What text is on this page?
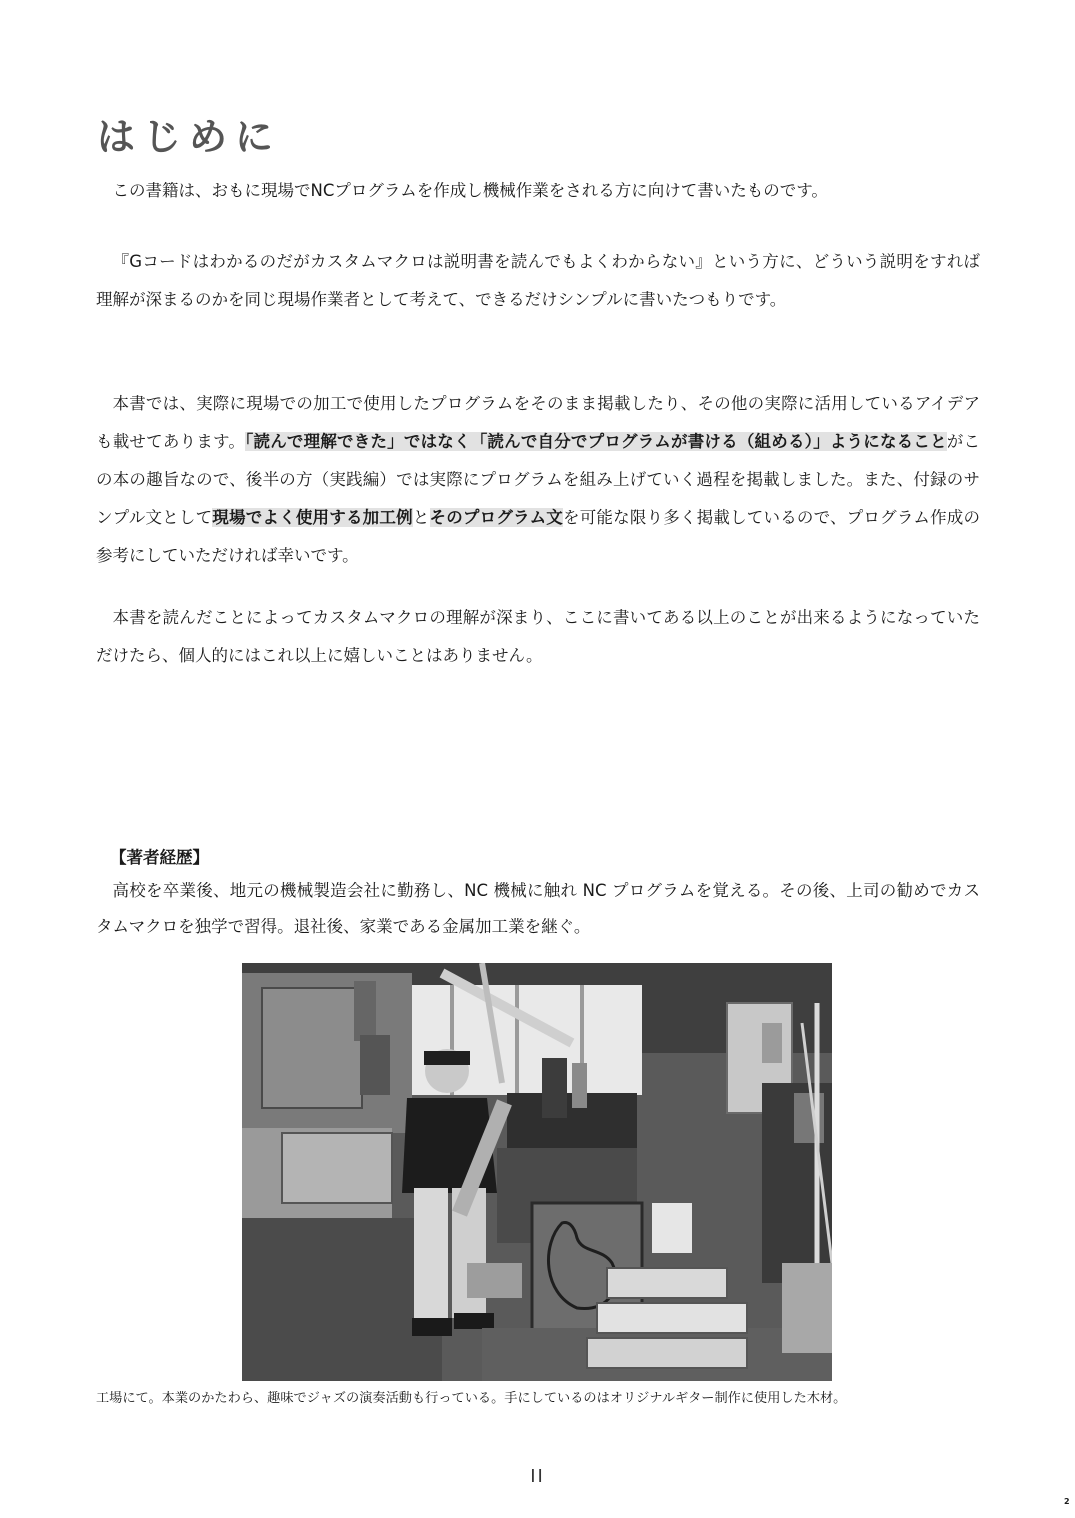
はじめに

この書籍は、おもに現場でNCプログラムを作成し機械作業をされる方に向けて書いたものです。

『Gコードはわかるのだがカスタムマクロは説明書を読んでもよくわからない』という方に、どういう説明をすれば理解が深まるのかを同じ現場作業者として考えて、できるだけシンプルに書いたつもりです。

本書では、実際に現場での加工で使用したプログラムをそのまま掲載したり、その他の実際に活用しているアイデアも載せてあります。「読んで理解できた」ではなく「読んで自分でプログラムが書ける（組める）」ようになることがこの本の趣旨なので、後半の方（実践編）では実際にプログラムを組み上げていく過程を掲載しました。また、付録のサンプル文として現場でよく使用する加工例とそのプログラム文を可能な限り多く掲載しているので、プログラム作成の参考にしていただければ幸いです。

本書を読んだことによってカスタムマクロの理解が深まり、ここに書いてある以上のことが出来るようになっていただけたら、個人的にはこれ以上に嬉しいことはありません。

【著者経歴】

高校を卒業後、地元の機械製造会社に勤務し、NC 機械に触れ NC プログラムを覚える。その後、上司の勧めでカスタムマクロを独学で習得。退社後、家業である金属加工業を継ぐ。

工場にて。本業のかたわら、趣味でジャズの演奏活動も行っている。手にしているのはオリジナルギター制作に使用した木材。

II
2
